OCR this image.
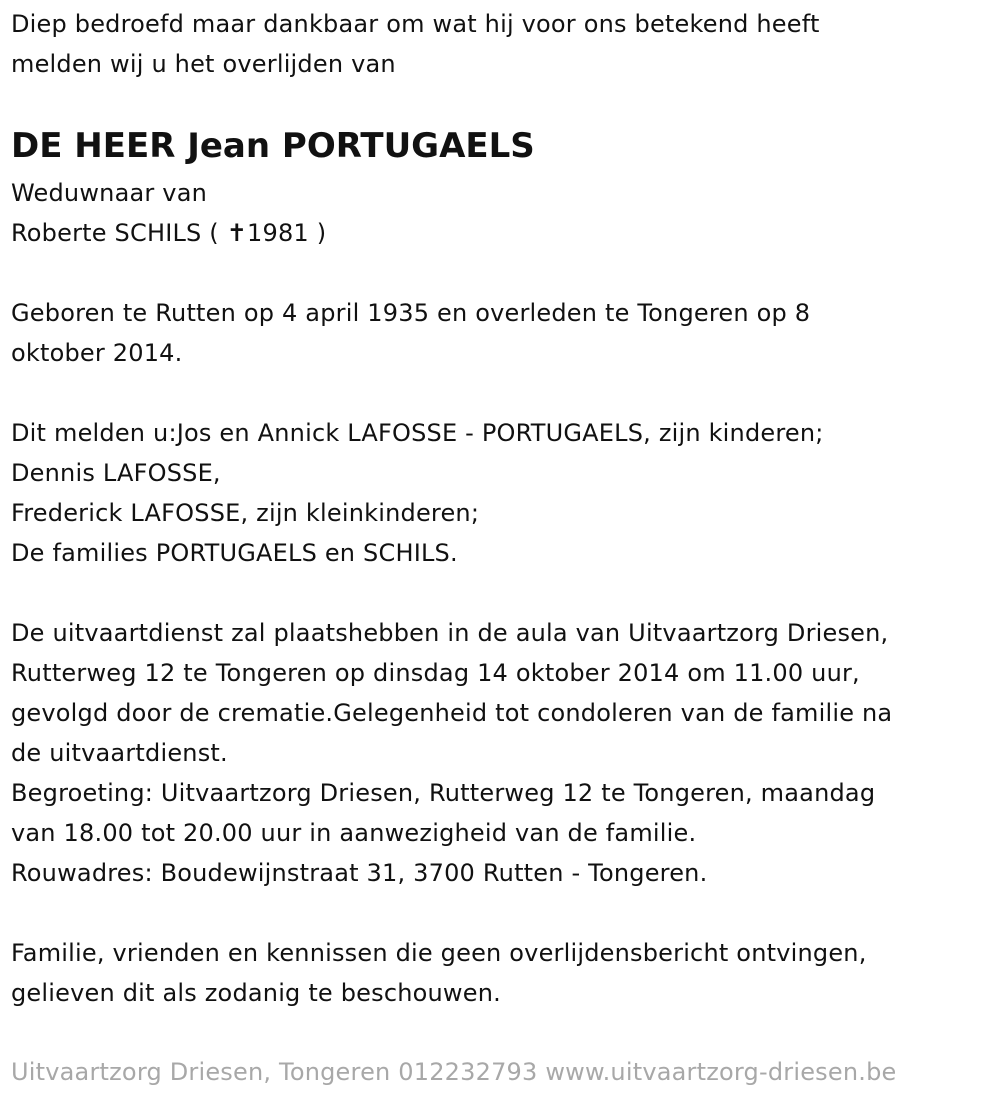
Diep bedroefd maar dankbaar om wat hij voor ons betekend heeft
melden wij u het overlijden van
DE HEER Jean PORTUGAELS
Weduwnaar van
Roberte SCHILS ( ✝1981 )
Geboren te Rutten op 4 april 1935 en overleden te Tongeren op 8
oktober 2014.
Dit melden u:Jos en Annick LAFOSSE - PORTUGAELS, zijn kinderen;
Dennis LAFOSSE,
Frederick LAFOSSE, zijn kleinkinderen;
De families PORTUGAELS en SCHILS.
De uitvaartdienst zal plaatshebben in de aula van Uitvaartzorg Driesen,
Rutterweg 12 te Tongeren op dinsdag 14 oktober 2014 om 11.00 uur,
gevolgd door de crematie.Gelegenheid tot condoleren van de familie na
de uitvaartdienst.
Begroeting: Uitvaartzorg Driesen, Rutterweg 12 te Tongeren, maandag
van 18.00 tot 20.00 uur in aanwezigheid van de familie.
Rouwadres: Boudewijnstraat 31, 3700 Rutten - Tongeren.
Familie, vrienden en kennissen die geen overlijdensbericht ontvingen,
gelieven dit als zodanig te beschouwen.
Uitvaartzorg Driesen, Tongeren 012232793 www.uitvaartzorg-driesen.be
